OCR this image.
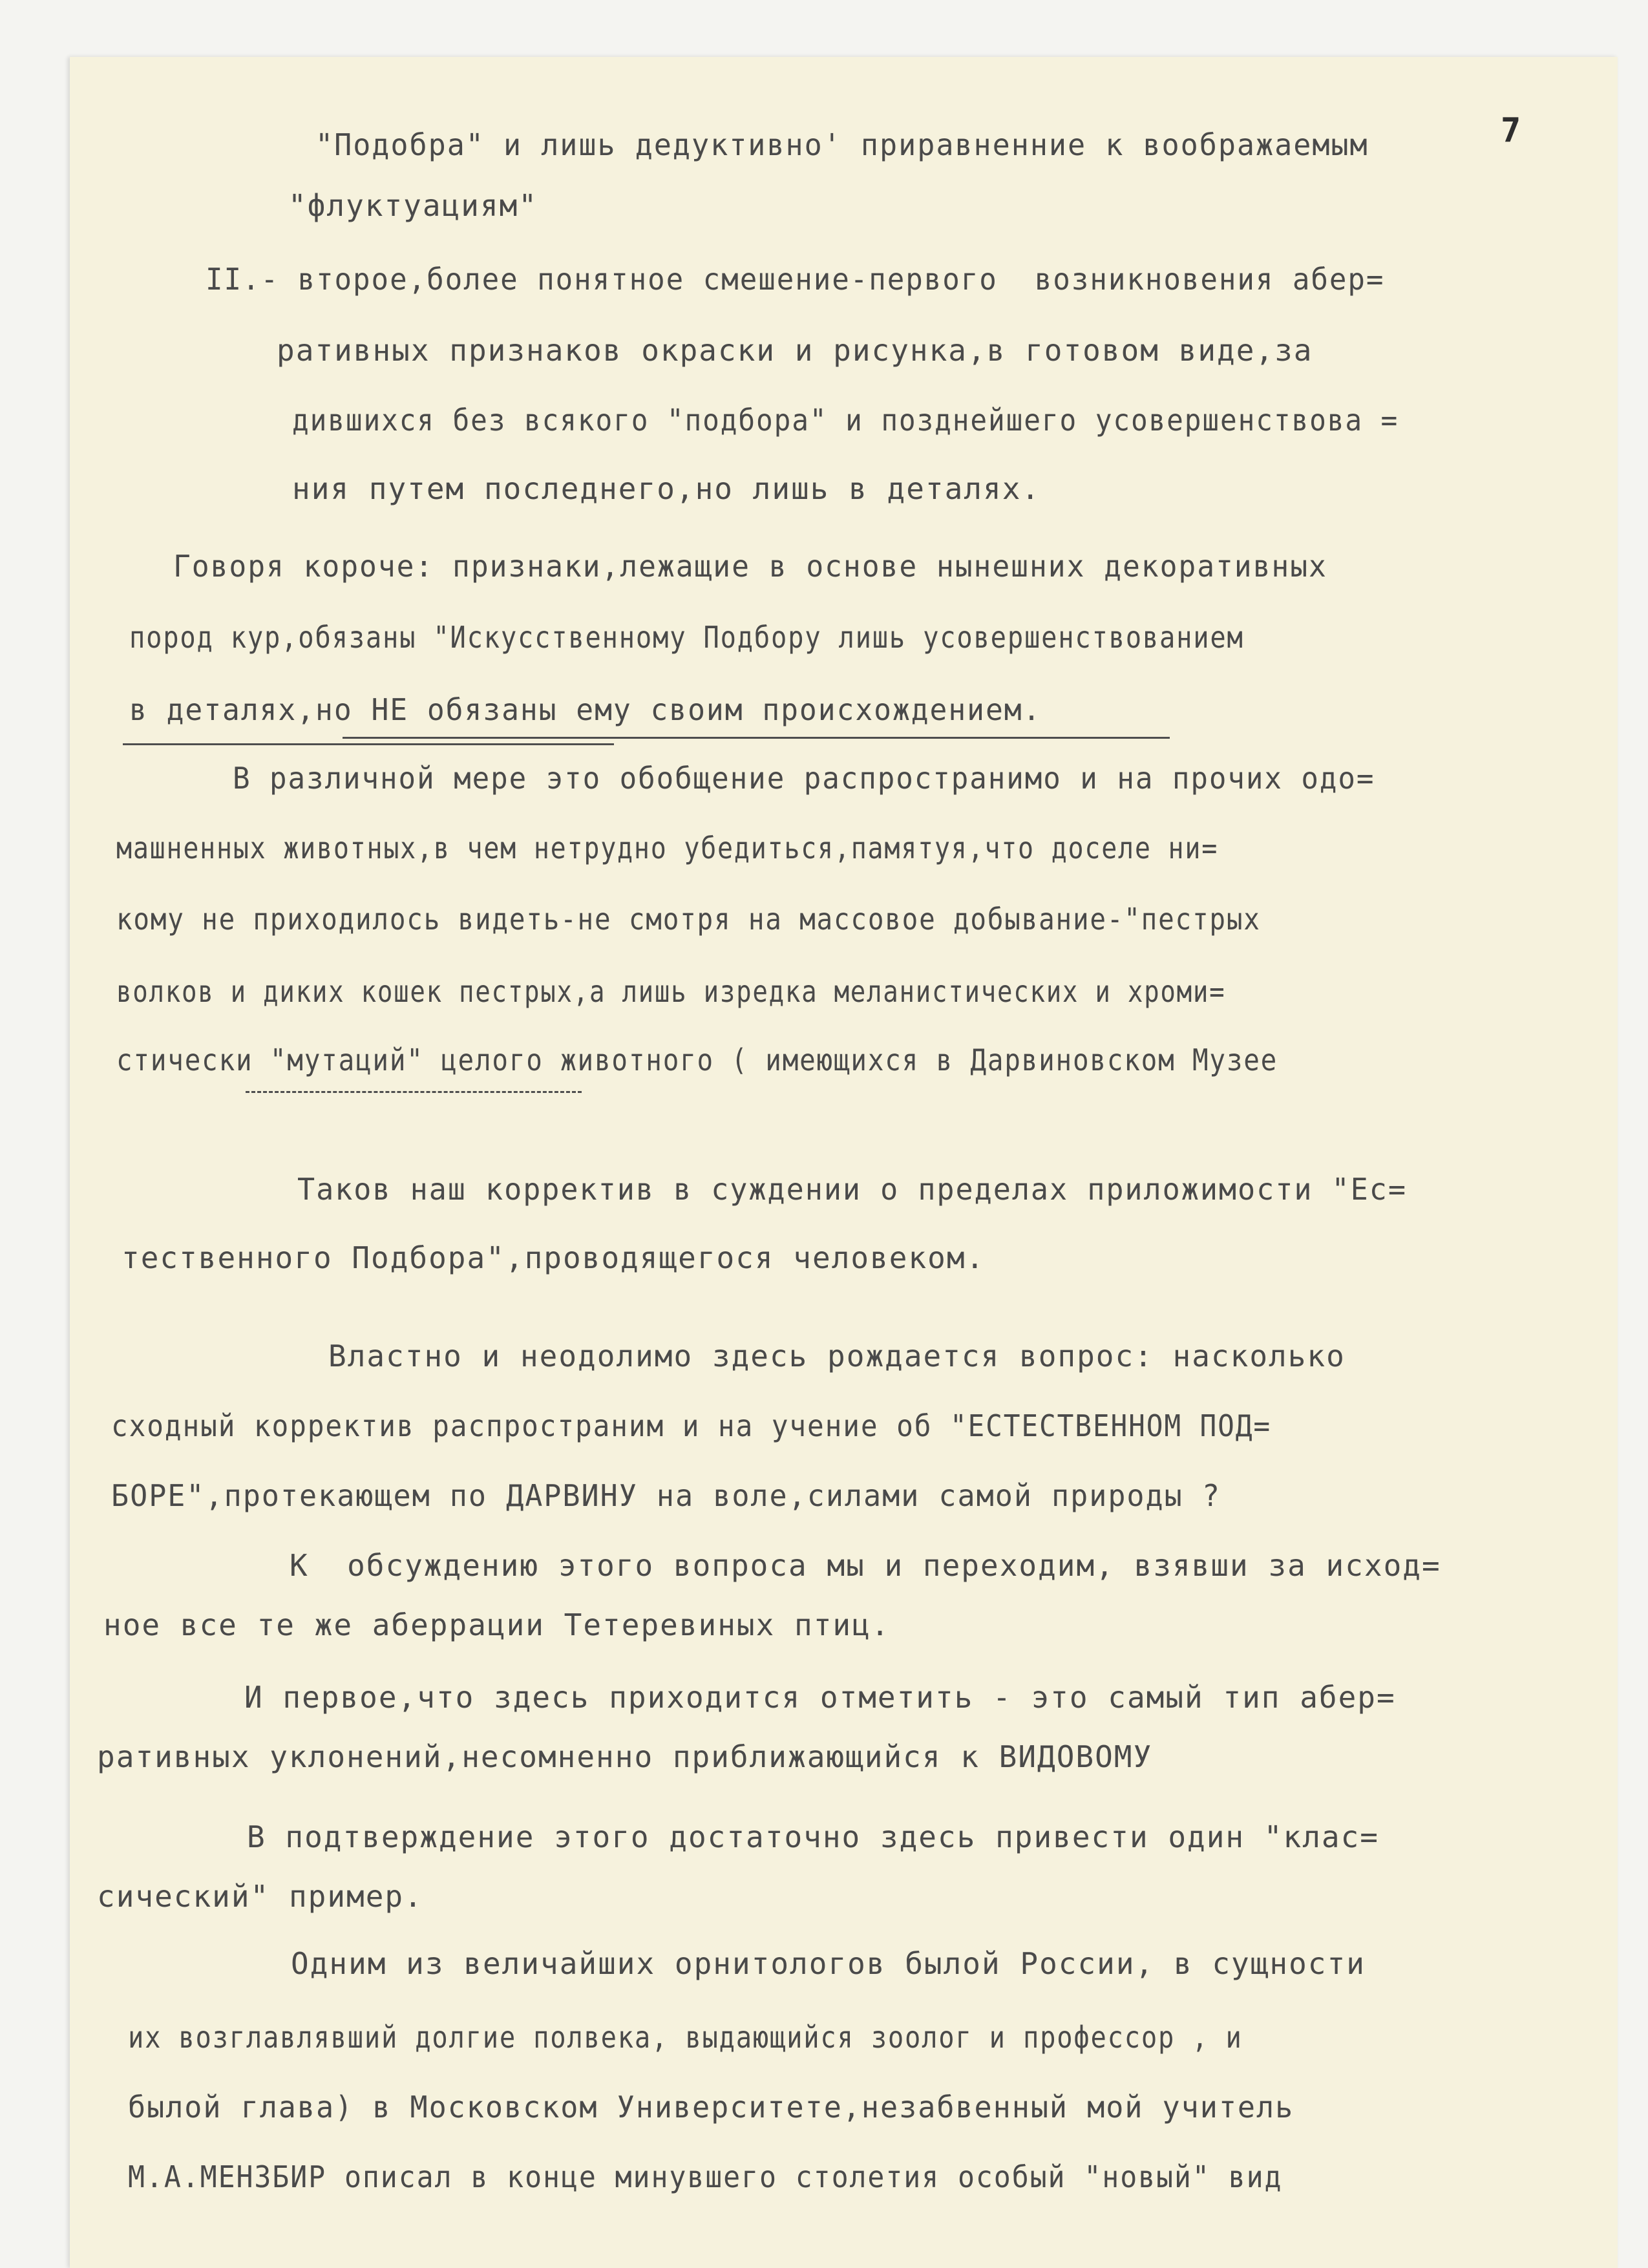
7
"Подобра" и лишь дедуктивно' приравненние к воображаемым
"флуктуациям"
II.- второе,более понятное смешение-первого  возникновения абер=
ративных признаков окраски и рисунка,в готовом виде,за
дившихся без всякого "подбора" и позднейшего усовершенствова =
ния путем последнего,но лишь в деталях.
Говоря короче: признаки,лежащие в основе нынешних декоративных
пород кур,обязаны "Искусственному Подбору лишь усовершенствованием
в деталях,но НЕ обязаны ему своим происхождением.
В различной мере это обобщение распространимо и на прочих одо=
машненных животных,в чем нетрудно убедиться,памятуя,что доселе ни=
кому не приходилось видеть-не смотря на массовое добывание-"пестрых
волков и диких кошек пестрых,а лишь изредка меланистических и хроми=
стически "мутаций" целого животного ( имеющихся в Дарвиновском Музее
Таков наш корректив в суждении о пределах приложимости "Ес=
тественного Подбора",проводящегося человеком.
Властно и неодолимо здесь рождается вопрос: насколько
сходный корректив распространим и на учение об "ЕСТЕСТВЕННОМ ПОД=
БОРЕ",протекающем по ДАРВИНУ на воле,силами самой природы ?
К  обсуждению этого вопроса мы и переходим, взявши за исход=
ное все те же аберрации Тетеревиных птиц.
И первое,что здесь приходится отметить - это самый тип абер=
ративных уклонений,несомненно приближающийся к ВИДОВОМУ
В подтверждение этого достаточно здесь привести один "клас=
сический" пример.
Одним из величайших орнитологов былой России, в сущности
их возглавлявший долгие полвека, выдающийся зоолог и профессор , и
былой глава) в Московском Университете,незабвенный мой учитель
М.А.МЕНЗБИР описал в конце минувшего столетия особый "новый" вид
